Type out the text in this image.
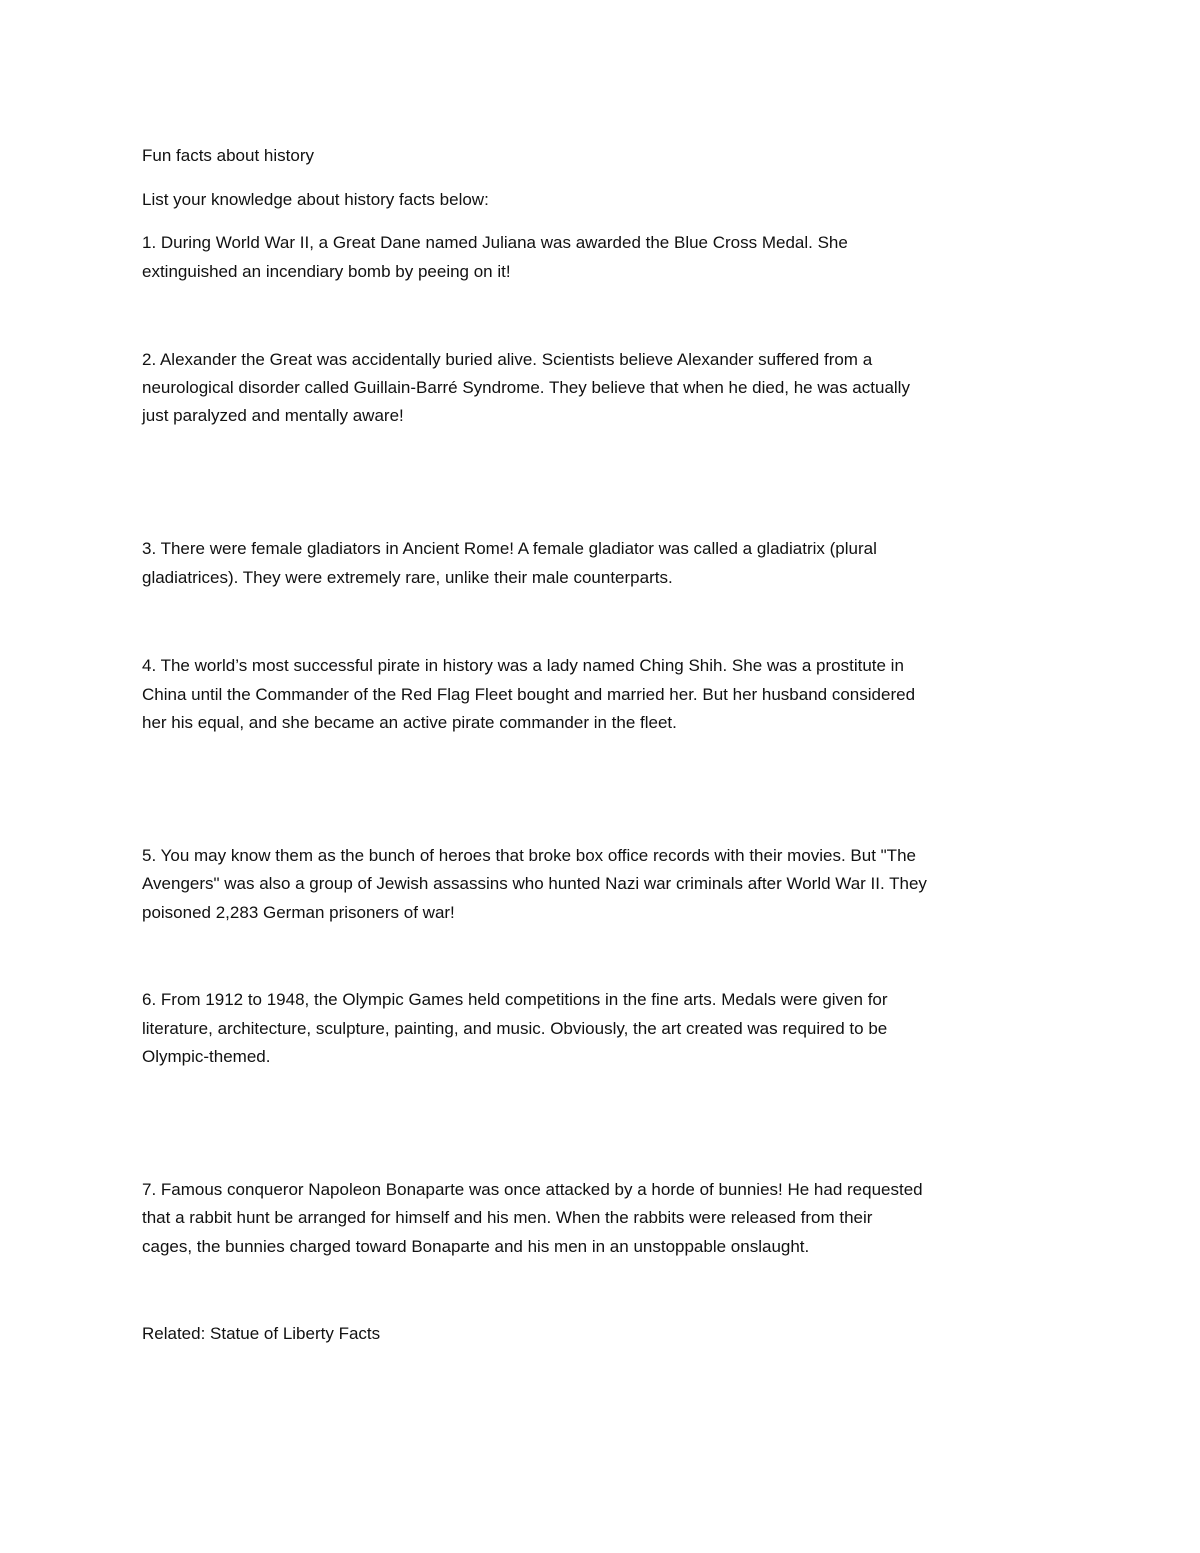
Fun facts about history

List your knowledge about history facts below:

1. During World War II, a Great Dane named Juliana was awarded the Blue Cross Medal. She

extinguished an incendiary bomb by peeing on it!

2. Alexander the Great was accidentally buried alive. Scientists believe Alexander suffered from a

neurological disorder called Guillain-Barré Syndrome. They believe that when he died, he was actually

just paralyzed and mentally aware!

3. There were female gladiators in Ancient Rome! A female gladiator was called a gladiatrix (plural

gladiatrices). They were extremely rare, unlike their male counterparts.

4. The world’s most successful pirate in history was a lady named Ching Shih. She was a prostitute in

China until the Commander of the Red Flag Fleet bought and married her. But her husband considered

her his equal, and she became an active pirate commander in the fleet.

5. You may know them as the bunch of heroes that broke box office records with their movies. But "The

Avengers" was also a group of Jewish assassins who hunted Nazi war criminals after World War II. They

poisoned 2,283 German prisoners of war!

6. From 1912 to 1948, the Olympic Games held competitions in the fine arts. Medals were given for

literature, architecture, sculpture, painting, and music. Obviously, the art created was required to be

Olympic-themed.

7. Famous conqueror Napoleon Bonaparte was once attacked by a horde of bunnies! He had requested

that a rabbit hunt be arranged for himself and his men. When the rabbits were released from their

cages, the bunnies charged toward Bonaparte and his men in an unstoppable onslaught.

Related: Statue of Liberty Facts
